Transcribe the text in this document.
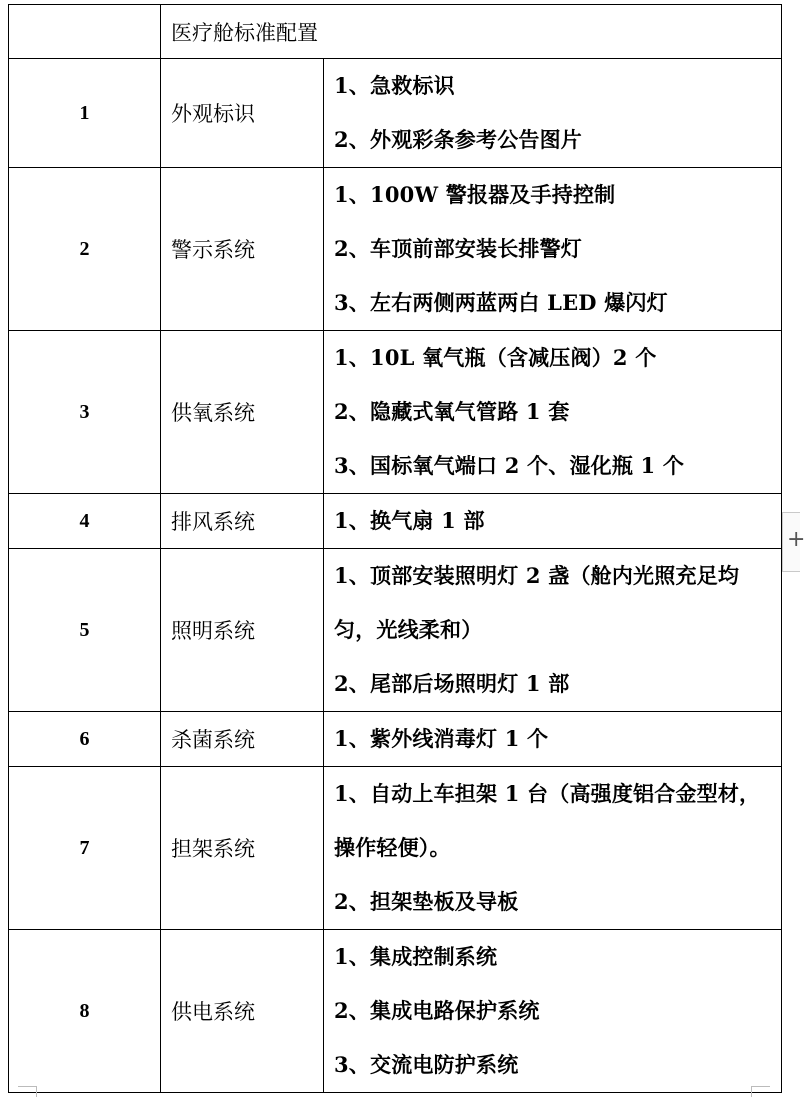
	医疗舱标准配置	
1	外观标识	1、急救标识
2、外观彩条参考公告图片

2	警示系统	1、100W 警报器及手持控制
2、车顶前部安装长排警灯
3、左右两侧两蓝两白 LED 爆闪灯

3	供氧系统	1、10L 氧气瓶（含减压阀）2 个
2、隐藏式氧气管路 1 套
3、国标氧气端口 2 个、湿化瓶 1 个

4	排风系统	1、换气扇 1 部

5	照明系统	1、顶部安装照明灯 2 盏（舱内光照充足均匀，光线柔和）
2、尾部后场照明灯 1 部

6	杀菌系统	1、紫外线消毒灯 1 个

7	担架系统	1、自动上车担架 1 台（高强度铝合金型材，操作轻便）。
2、担架垫板及导板

8	供电系统	1、集成控制系统
2、集成电路保护系统
3、交流电防护系统
+
